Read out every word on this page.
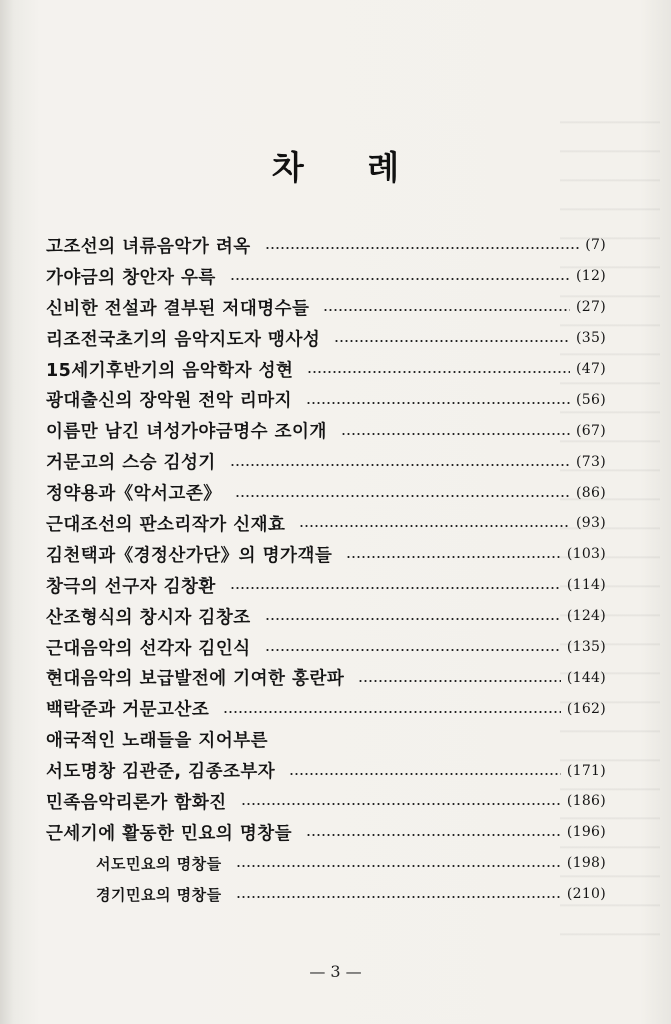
차 례
고조선의 녀류음악가 려옥	(7)
가야금의 창안자 우륵	(12)
신비한 전설과 결부된 저대명수들	(27)
리조전국초기의 음악지도자 맹사성	(35)
15세기후반기의 음악학자 성현	(47)
광대출신의 장악원 전악 리마지	(56)
이름만 남긴 녀성가야금명수 조이개	(67)
거문고의 스승 김성기	(73)
정약용과《악서고존》	(86)
근대조선의 판소리작가 신재효	(93)
김천택과《경정산가단》의 명가객들	(103)
창극의 선구자 김창환	(114)
산조형식의 창시자 김창조	(124)
근대음악의 선각자 김인식	(135)
현대음악의 보급발전에 기여한 홍란파	(144)
백락준과 거문고산조	(162)
애국적인 노래들을 지어부른
서도명창 김관준, 김종조부자	(171)
민족음악리론가 함화진	(186)
근세기에 활동한 민요의 명창들	(196)
서도민요의 명창들	(198)
경기민요의 명창들	(210)
— 3 —
